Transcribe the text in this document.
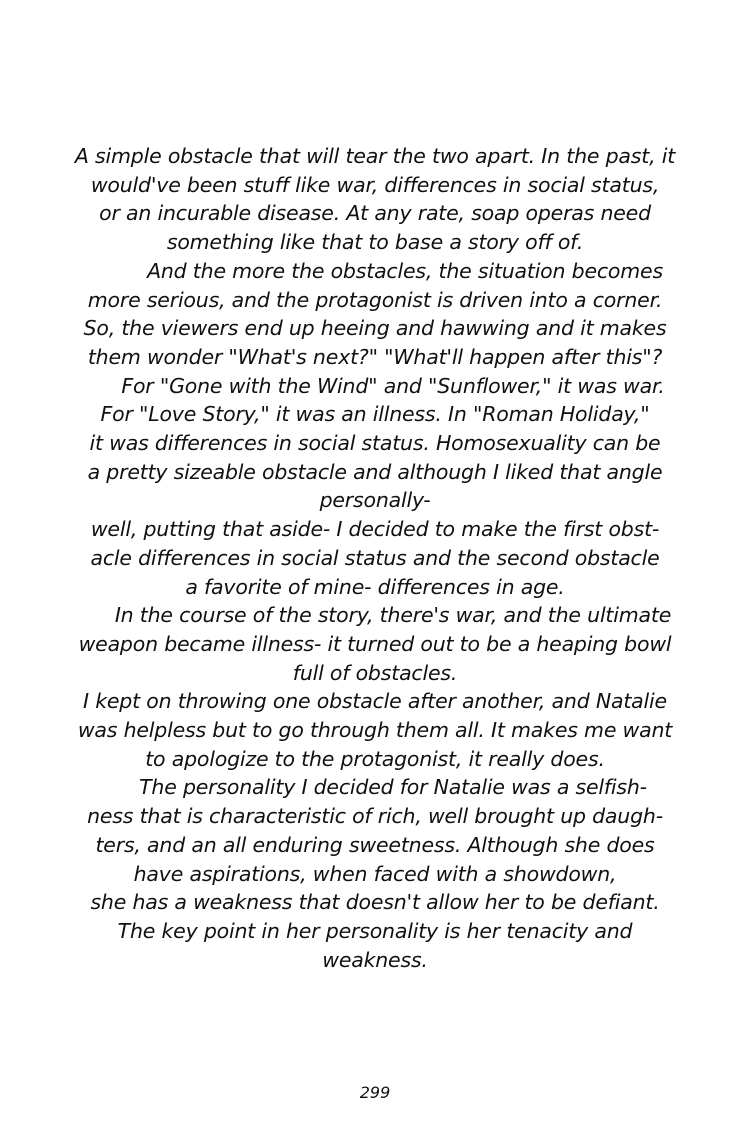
A simple obstacle that will tear the two apart. In the past, it
would've been stuff like war, differences in social status,
or an incurable disease. At any rate, soap operas need
something like that to base a story off of.
And the more the obstacles, the situation becomes
more serious, and the protagonist is driven into a corner.
So, the viewers end up heeing and hawwing and it makes
them wonder "What's next?" "What'll happen after this"?
For "Gone with the Wind" and "Sunflower," it was war.
For "Love Story," it was an illness. In "Roman Holiday,"
it was differences in social status. Homosexuality can be
a pretty sizeable obstacle and although I liked that angle
personally-
well, putting that aside- I decided to make the first obst-
acle differences in social status and the second obstacle
a favorite of mine- differences in age.
In the course of the story, there's war, and the ultimate
weapon became illness- it turned out to be a heaping bowl
full of obstacles.
I kept on throwing one obstacle after another, and Natalie
was helpless but to go through them all. It makes me want
to apologize to the protagonist, it really does.
The personality I decided for Natalie was a selfish-
ness that is characteristic of rich, well brought up daugh-
ters, and an all enduring sweetness. Although she does
have aspirations, when faced with a showdown,
she has a weakness that doesn't allow her to be defiant.
The key point in her personality is her tenacity and
weakness.
299
